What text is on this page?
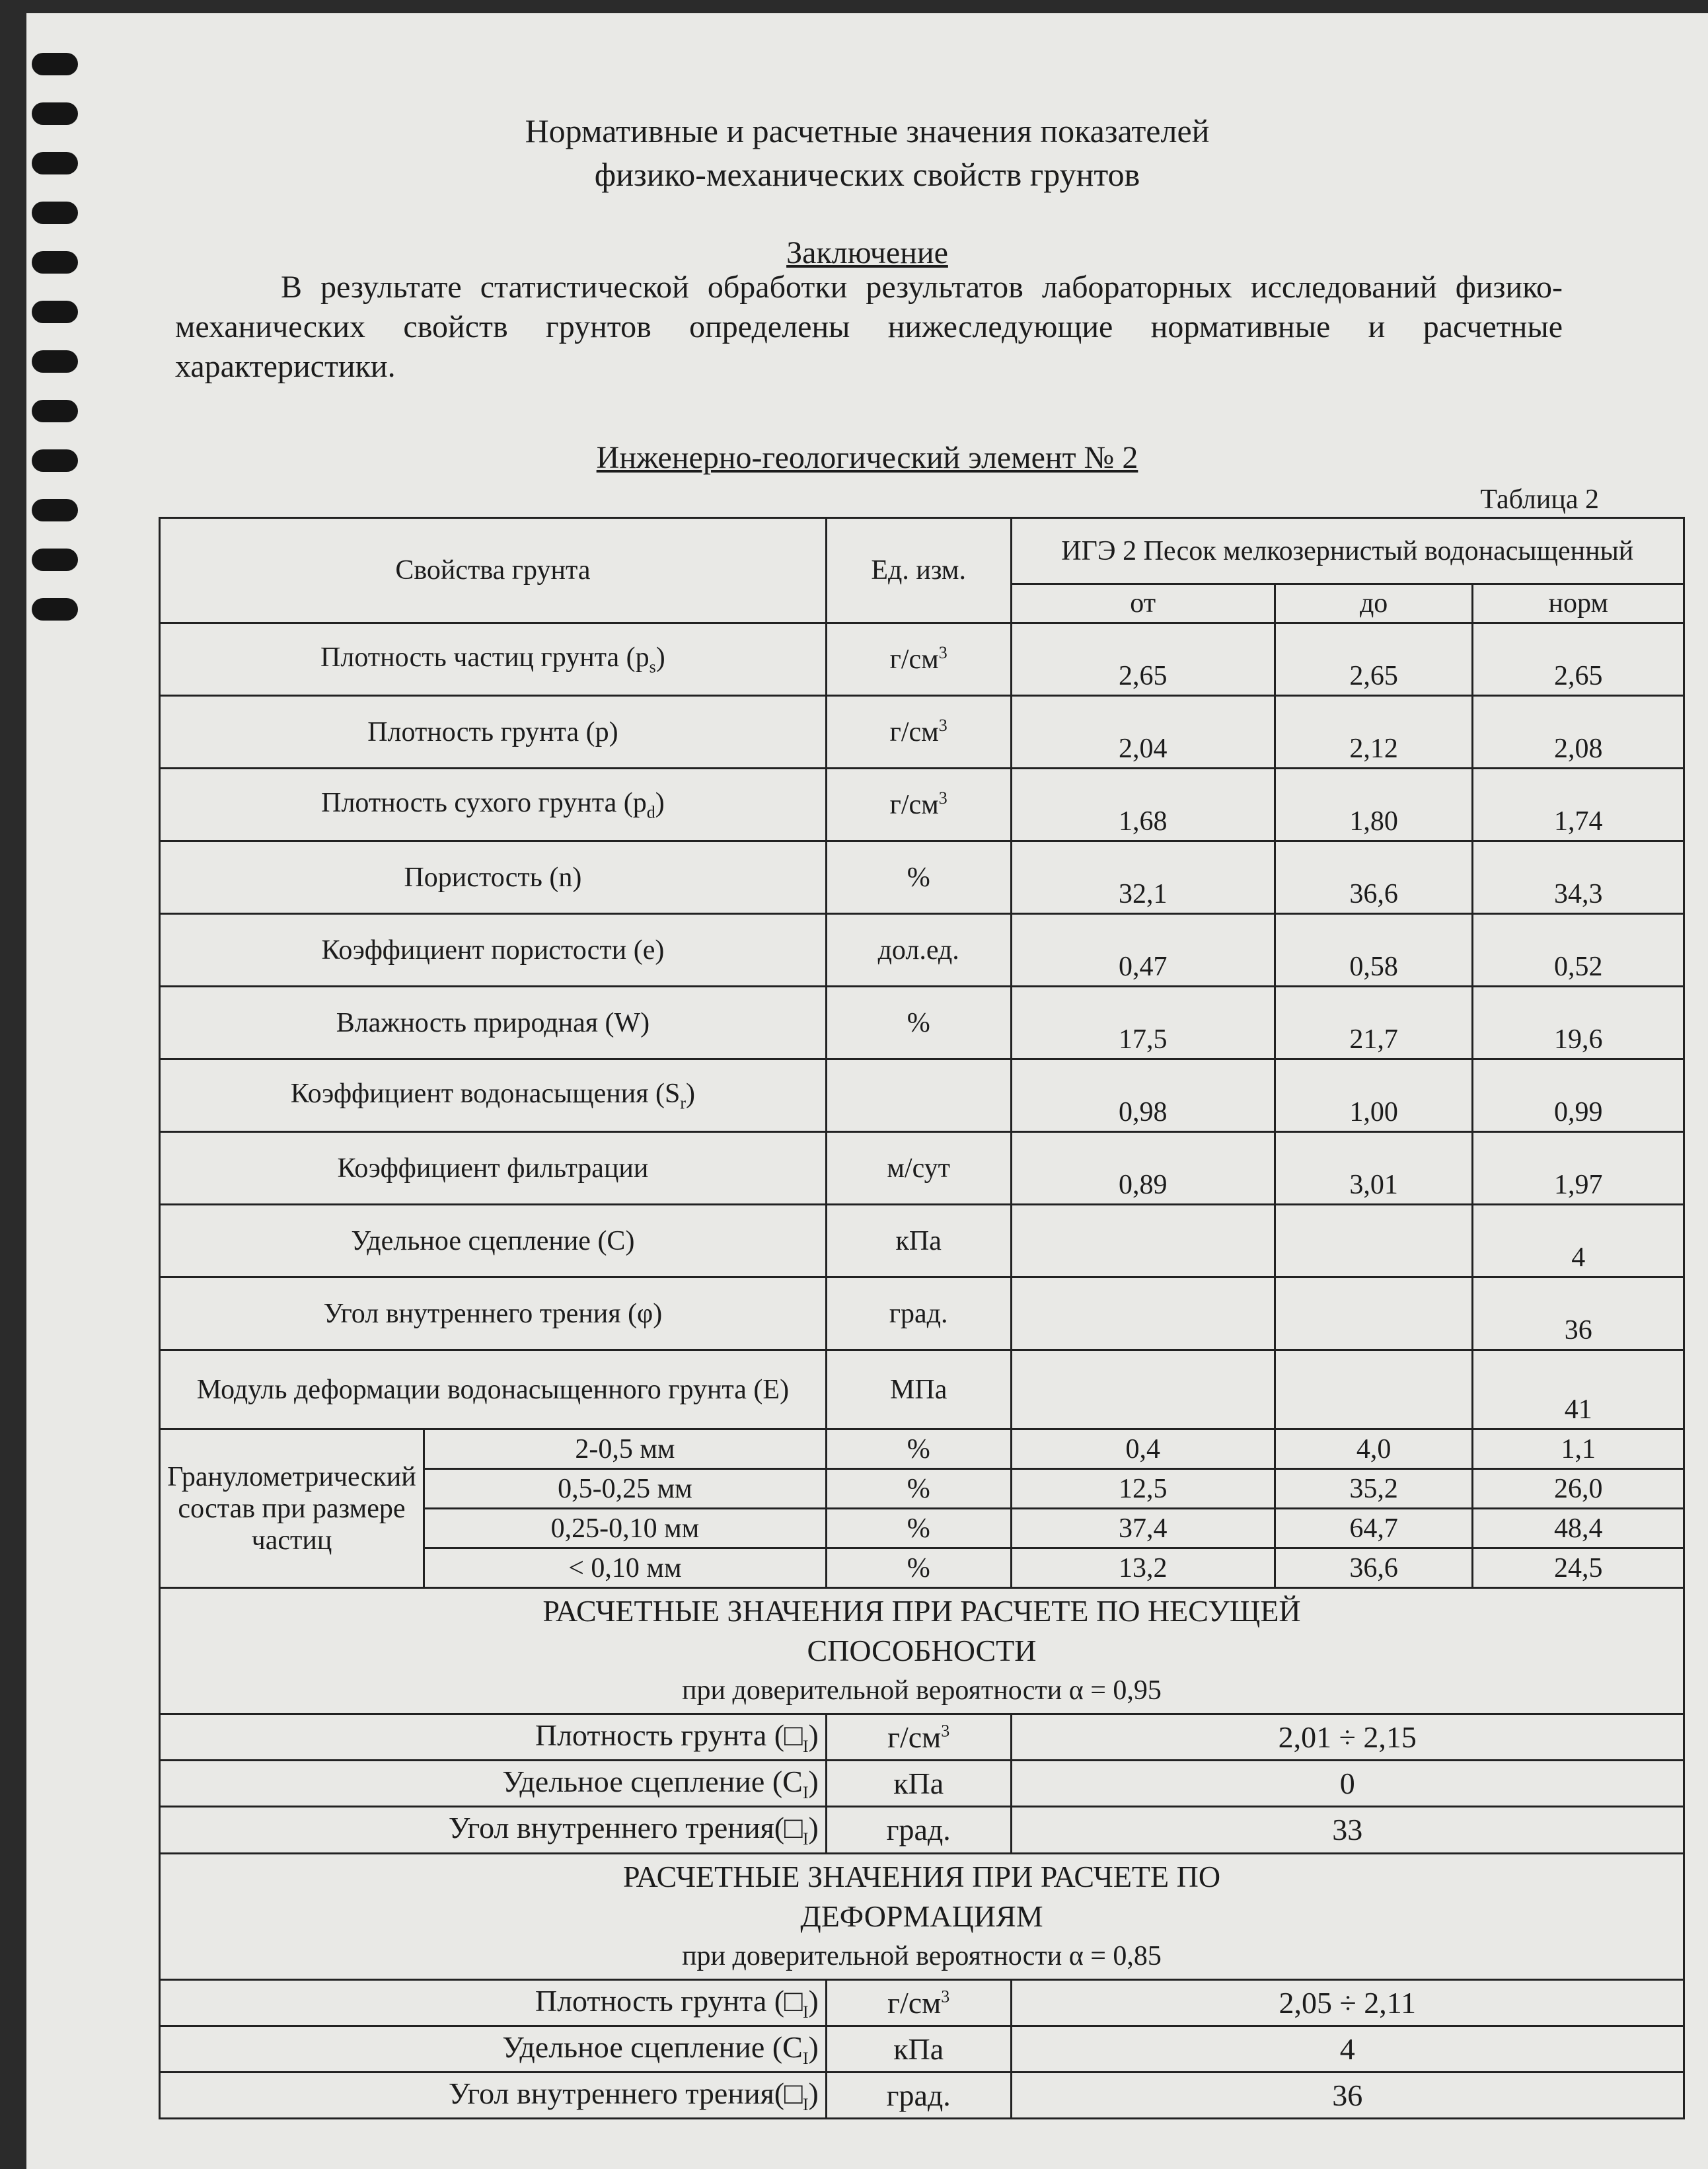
Нормативные и расчетные значения показателей
физико-механических свойств грунтов
Заключение
В результате статистической обработки результатов лабораторных исследований физико-механических свойств грунтов определены нижеследующие нормативные и расчетные характеристики.
Инженерно-геологический элемент № 2
Таблица 2
Свойства грунта		Ед. изм.	ИГЭ 2 Песок мелкозернистый водонасыщенный		
			от	до	норм
Плотность частиц грунта $(p_s)$		$г/см^3$	2,65	2,65	2,65
Плотность грунта (p)		$г/см^3$	2,04	2,12	2,08
Плотность сухого грунта $(p_d)$		$г/см^3$	1,68	1,80	1,74
Пористость (n)		%	32,1	36,6	34,3
Коэффициент пористости (e)		дол.ед.	0,47	0,58	0,52
Влажность природная (W)		%	17,5	21,7	19,6
Коэффициент водонасыщения $(S_r)$			0,98	1,00	0,99
Коэффициент фильтрации		м/сут	0,89	3,01	1,97
Удельное сцепление (С)		кПа			4
Угол внутреннего трения (φ)		град.			36
Модуль деформации водонасыщенного грунта (Е)		МПа			41
Гранулометрический состав при размере частиц	2-0,5 мм	%	0,4	4,0	1,1
	0,5-0,25 мм	%	12,5	35,2	26,0
	0,25-0,10 мм	%	37,4	64,7	48,4
	< 0,10 мм	%	13,2	36,6	24,5

РАСЧЕТНЫЕ ЗНАЧЕНИЯ ПРИ РАСЧЕТЕ ПО НЕСУЩЕЙ
СПОСОБНОСТИ
при доверительной вероятности α = 0,95					

Плотность грунта $(□_I)$		$г/см^3$	2,01 ÷ 2,15		
Удельное сцепление $(C_I)$		кПа	0		
Угол внутреннего $трения(□_I)$		град.	33		

РАСЧЕТНЫЕ ЗНАЧЕНИЯ ПРИ РАСЧЕТЕ ПО
ДЕФОРМАЦИЯМ
при доверительной вероятности α = 0,85					

Плотность грунта $(□_I)$		$г/см^3$	2,05 ÷ 2,11		
Удельное сцепление $(C_I)$		кПа	4		
Угол внутреннего $трения(□_I)$		град.	36		
